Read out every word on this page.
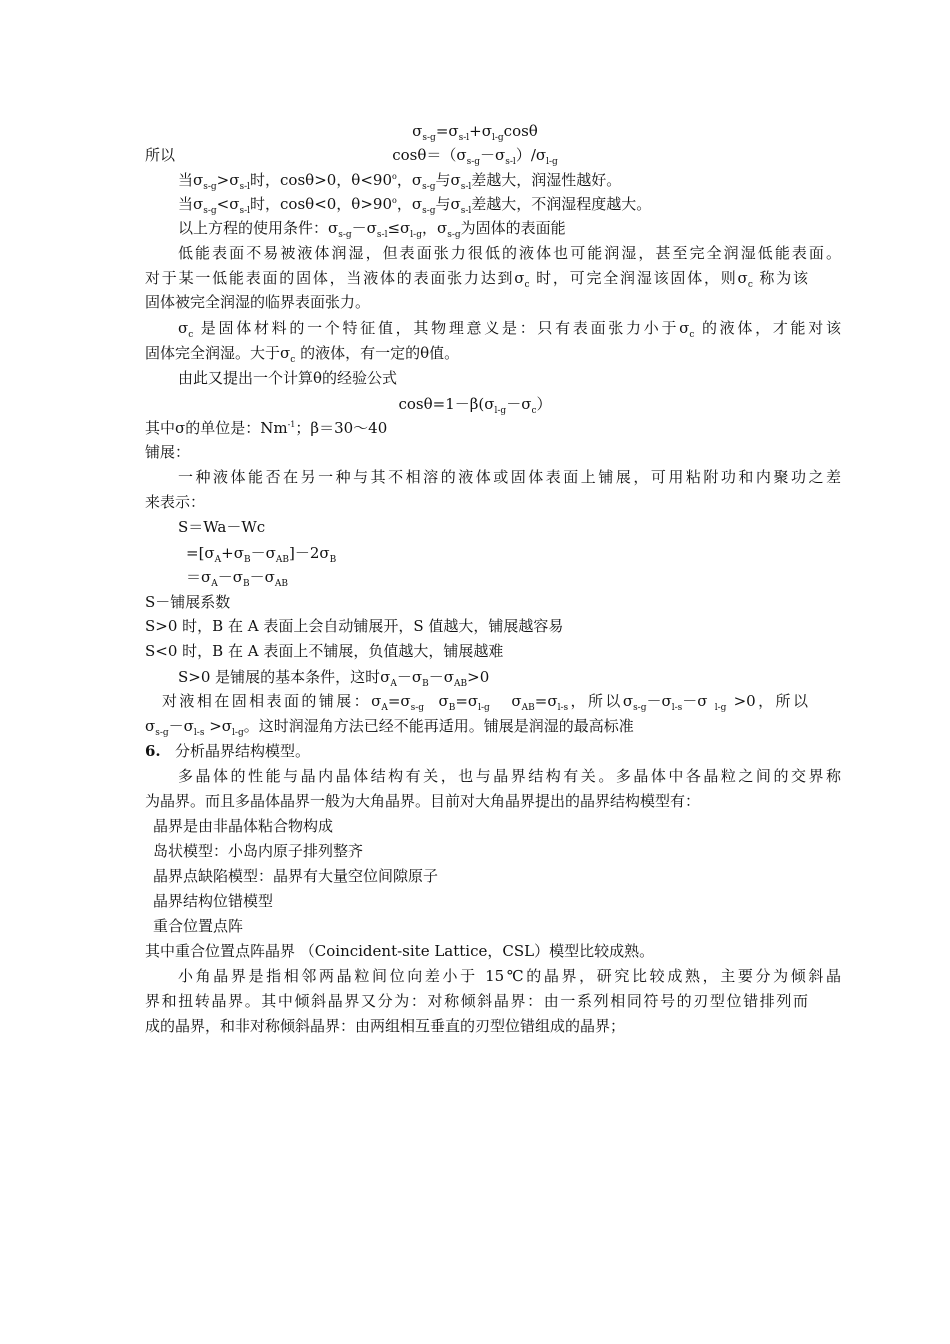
$\sigma_{s-g}=\sigma_{s-l}+\sigma_{l-g}\cos\theta$
所以	$\cos\theta=(\sigma_{s-g}-\sigma_{s-l})/\sigma_{l-g}$
当$\sigma_{s-g}>\sigma_{s-l}$时，cosθ>0，$\theta<90^o$，$\sigma_{s-g}$与$\sigma_{s-l}$差越大，润湿性越好。
当$\sigma_{s-g}<\sigma_{s-l}$时，cosθ<0，$\theta>90^o$，$\sigma_{s-g}$与$\sigma_{s-l}$差越大，不润湿程度越大。
以上方程的使用条件：$\sigma_{s-g}-\sigma_{s-l}\le\sigma_{l-g}$，$\sigma_{s-g}$为固体的表面能
低能表面不易被液体润湿，但表面张力很低的液体也可能润湿，甚至完全润湿低能表面。
对于某一低能表面的固体，当液体的表面张力达到$\sigma_c$ 时，可完全润湿该固体，则$\sigma_c$ 称为该
固体被完全润湿的临界表面张力。
$\sigma_c$ 是固体材料的一个特征值，其物理意义是：只有表面张力小于$\sigma_c$ 的液体，才能对该
固体完全润湿。大于$\sigma_c$ 的液体，有一定的θ值。
由此又提出一个计算θ的经验公式
$\cos\theta=1-\beta(\sigma_{l-g}-\sigma_c)$
其中σ的单位是：$Nm^{-1}$；β＝30～40
铺展：
一种液体能否在另一种与其不相溶的液体或固体表面上铺展，可用粘附功和内聚功之差
来表示：
S＝Wa－Wc
$=[\sigma_A+\sigma_B-\sigma_{AB}]-2\sigma_B$
$=\sigma_A-\sigma_B-\sigma_{AB}$
S－铺展系数
S>0 时，B 在 A 表面上会自动铺展开，S 值越大，铺展越容易
S<0 时，B 在 A 表面上不铺展，负值越大，铺展越难
S>0 是铺展的基本条件，这时$\sigma_A-\sigma_B-\sigma_{AB}>0$
对液相在固相表面的铺展：$\sigma_A=\sigma_{s-g}$  $\sigma_B=\sigma_{l-g}$   $\sigma_{AB}=\sigma_{l-s}$，所以$\sigma_{s-g}-\sigma_{l-s}-\sigma$ $_{l-g}$ >0，所以
$\sigma_{s-g}-\sigma_{l-s} >\sigma_{l-g}$。这时润湿角方法已经不能再适用。铺展是润湿的最高标准
6.   分析晶界结构模型。
多晶体的性能与晶内晶体结构有关，也与晶界结构有关。多晶体中各晶粒之间的交界称
为晶界。而且多晶体晶界一般为大角晶界。目前对大角晶界提出的晶界结构模型有：
晶界是由非晶体粘合物构成
岛状模型：小岛内原子排列整齐
晶界点缺陷模型：晶界有大量空位间隙原子
晶界结构位错模型
重合位置点阵
其中重合位置点阵晶界 （Coincident-site Lattice，CSL）模型比较成熟。
小角晶界是指相邻两晶粒间位向差小于 15℃的晶界，研究比较成熟，主要分为倾斜晶
界和扭转晶界。其中倾斜晶界又分为：对称倾斜晶界：由一系列相同符号的刃型位错排列而
成的晶界，和非对称倾斜晶界：由两组相互垂直的刃型位错组成的晶界；
